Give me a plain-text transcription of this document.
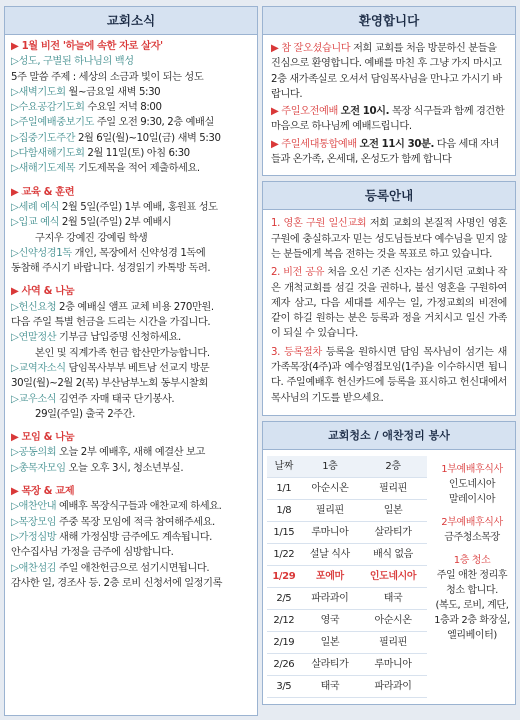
교회소식
▶ 1월 비전 '하늘에 속한 자로 살자'
▷성도, 구별된 하나님의 백성
5주 말씀 주제 : 세상의 소금과 빛이 되는 성도
▷새벽기도회 월~금요일 새벽 5:30
▷수요공감기도회 수요일 저녁 8:00
▷주일예배중보기도 주일 오전 9:30, 2층 예배실
▷집중기도주간 2월 6일(월)~10일(금) 새벽 5:30
▷다함새해기도회 2월 11일(토) 아침 6:30
▷새해기도제목 기도제목을 적어 제출하세요.
▶ 교육 & 훈련
▷세례 예식 2월 5일(주일) 1부 예배, 홍원표 성도
▷입교 예식 2월 5일(주일) 2부 예배시
구지우 강예진 강예림 학생
▷신약성경1독 개인, 목장에서 신약성경 1독에
동참해 주시기 바랍니다. 성경읽기 카톡방 독려.
▶ 사역 & 나눔
▷헌신요청 2층 예배실 앰프 교체 비용 270만원.
다음 주일 특별 헌금을 드리는 시간을 가집니다.
▷연말정산 기부금 납입증명 신청하세요.
본인 및 직계가족 헌금 합산만가능합니다.
▷교역자소식 담임목사부부 베트남 선교지 방문
30일(월)~2월 2(목) 부산남부노회 동부시찰회
▷교우소식 김연주 자매 태국 단기봉사.
29일(주일) 출국 2주간.
▶ 모임 & 나눔
▷공동의회 오늘 2부 예배후, 새해 예결산 보고
▷총목자모임 오늘 오후 3시, 청소년부실.
▶ 목장 & 교제
▷애찬안내 예배후 목장식구들과 애찬교제 하세요.
▷목장모임 주중 목장 모임에 적극 참여해주세요.
▷가정심방 새해 가정심방 금주에도 계속됩니다.
안수집사님 가정을 금주에 심방합니다.
▷애찬섬김 주일 애찬헌금으로 섬기시면됩니다.
감사한 일, 경조사 등. 2층 로비 신청서에 일정기록
환영합니다

▶ 참 잘오셨습니다 저희 교회를 처음 방문하신 분들을 진심으로 환영합니다. 예배를 마친 후 그냥 가지 마시고 2층 새가족실로 오셔서 담임목사님을 만나고 가시기 바랍니다.

▶ 주일오전예배 오전 10시. 목장 식구들과 함께 경건한 마음으로 하나님께 예배드립니다.

▶ 주일세대통합예배 오전 11시 30분. 다음 세대 자녀들과 온가족, 온세대, 온성도가 함께 합니다

등록안내

1. 영혼 구원 일신교회 저희 교회의 본질적 사명인 영혼구원에 충실하고자 믿는 성도님들보다 예수님을 믿지 않는 분들에게 복음 전하는 것을 목표로 하고 있습니다.

2. 비전 공유 처음 오신 기존 신자는 섬기시던 교회나 작은 개척교회를 섬길 것을 권하나, 불신 영혼을 구원하여 제자 삼고, 다음 세대를 세우는 일, 가정교회의 비전에 같이 하길 원하는 분은 등록과 정을 거치시고 일신 가족이 되실 수 있습니다.

3. 등록절차 등록을 원하시면 담임 목사님이 섬기는 새가족목장(4주)과 예수영접모임(1주)을 이수하시면 됩니다. 주일예배후 헌신카드에 등록을 표시하고 헌신대에서 목사님의 기도를 받으세요.

교회청소 / 애찬정리 봉사
날짜	1층	2층
1/1	아순시온	필리핀
1/8	필리핀	일본
1/15	루마니아	살라티가
1/22	설날 식사	배식 없음
1/29	포에마	인도네시아
2/5	파라과이	태국
2/12	영국	아순시온
2/19	일본	필리핀
2/26	살라티가	루마니아
3/5	태국	파라과이
1부예배후식사
인도네시아
말레이시아
2부예배후식사
금주청소목장
1층 청소
주일 애찬 정리후 청소 합니다.
(복도, 로비, 계단, 1층과 2층 화장실, 엘리베이터)
